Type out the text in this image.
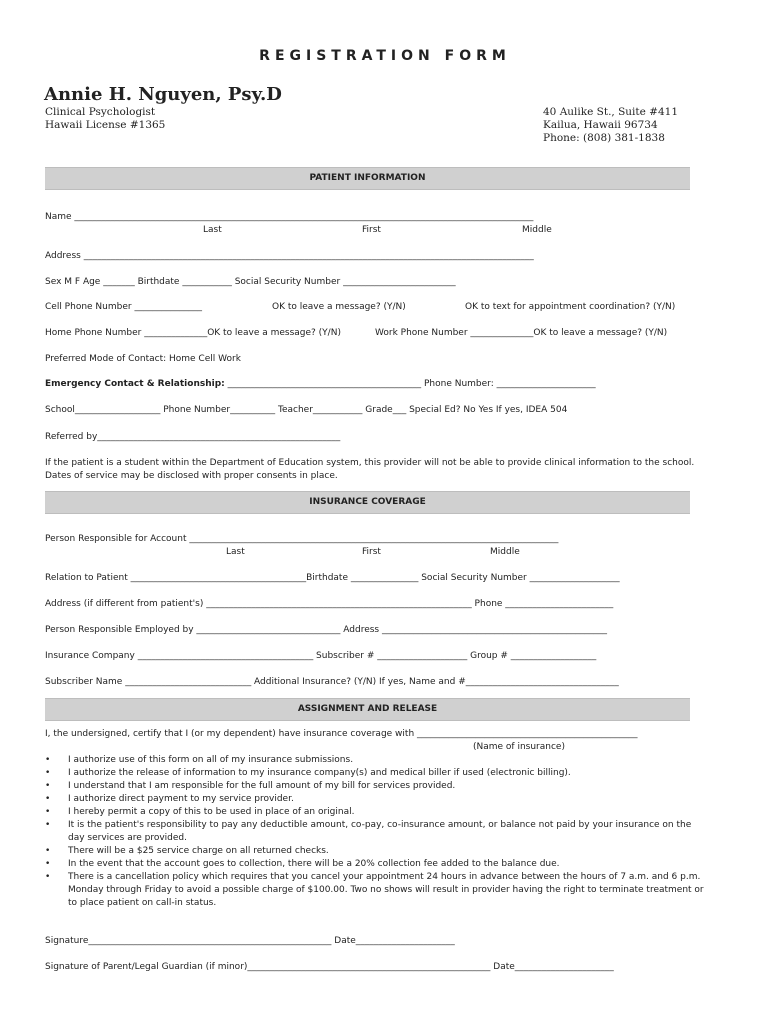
REGISTRATION FORM
Annie H. Nguyen, Psy.D
Clinical Psychologist
Hawaii License #1365
40 Aulike St., Suite #411
Kailua, Hawaii 96734
Phone: (808) 381-1838
PATIENT INFORMATION
Name ______________________________________________________________________________________________________
Last	First	Middle
Address ____________________________________________________________________________________________________
Sex M F Age _______ Birthdate ___________ Social Security Number _________________________
Cell Phone Number _______________	OK to leave a message? (Y/N)	OK to text for appointment coordination? (Y/N)
Home Phone Number ______________OK to leave a message? (Y/N)	Work Phone Number ______________OK to leave a message? (Y/N)
Preferred Mode of Contact: Home Cell Work
Emergency Contact & Relationship: ___________________________________________ Phone Number: ______________________
School___________________ Phone Number__________ Teacher___________ Grade___ Special Ed? No Yes If yes, IDEA 504
Referred by______________________________________________________
If the patient is a student within the Department of Education system, this provider will not be able to provide clinical information to the school. Dates of service may be disclosed with proper consents in place.
INSURANCE COVERAGE
Person Responsible for Account __________________________________________________________________________________
Last	First	Middle
Relation to Patient _______________________________________Birthdate _______________ Social Security Number ____________________
Address (if different from patient's) ___________________________________________________________ Phone ________________________
Person Responsible Employed by ________________________________ Address __________________________________________________
Insurance Company _______________________________________ Subscriber # ____________________ Group # ___________________
Subscriber Name ____________________________ Additional Insurance? (Y/N) If yes, Name and #__________________________________
ASSIGNMENT AND RELEASE
I, the undersigned, certify that I (or my dependent) have insurance coverage with _________________________________________________
(Name of insurance)
• I authorize use of this form on all of my insurance submissions.
• I authorize the release of information to my insurance company(s) and medical biller if used (electronic billing).
• I understand that I am responsible for the full amount of my bill for services provided.
• I authorize direct payment to my service provider.
• I hereby permit a copy of this to be used in place of an original.
• It is the patient's responsibility to pay any deductible amount, co-pay, co-insurance amount, or balance not paid by your insurance on the day services are provided.
• There will be a $25 service charge on all returned checks.
• In the event that the account goes to collection, there will be a 20% collection fee added to the balance due.
• There is a cancellation policy which requires that you cancel your appointment 24 hours in advance between the hours of 7 a.m. and 6 p.m. Monday through Friday to avoid a possible charge of $100.00. Two no shows will result in provider having the right to terminate treatment or to place patient on call-in status.
Signature______________________________________________________ Date______________________
Signature of Parent/Legal Guardian (if minor)______________________________________________________ Date______________________
